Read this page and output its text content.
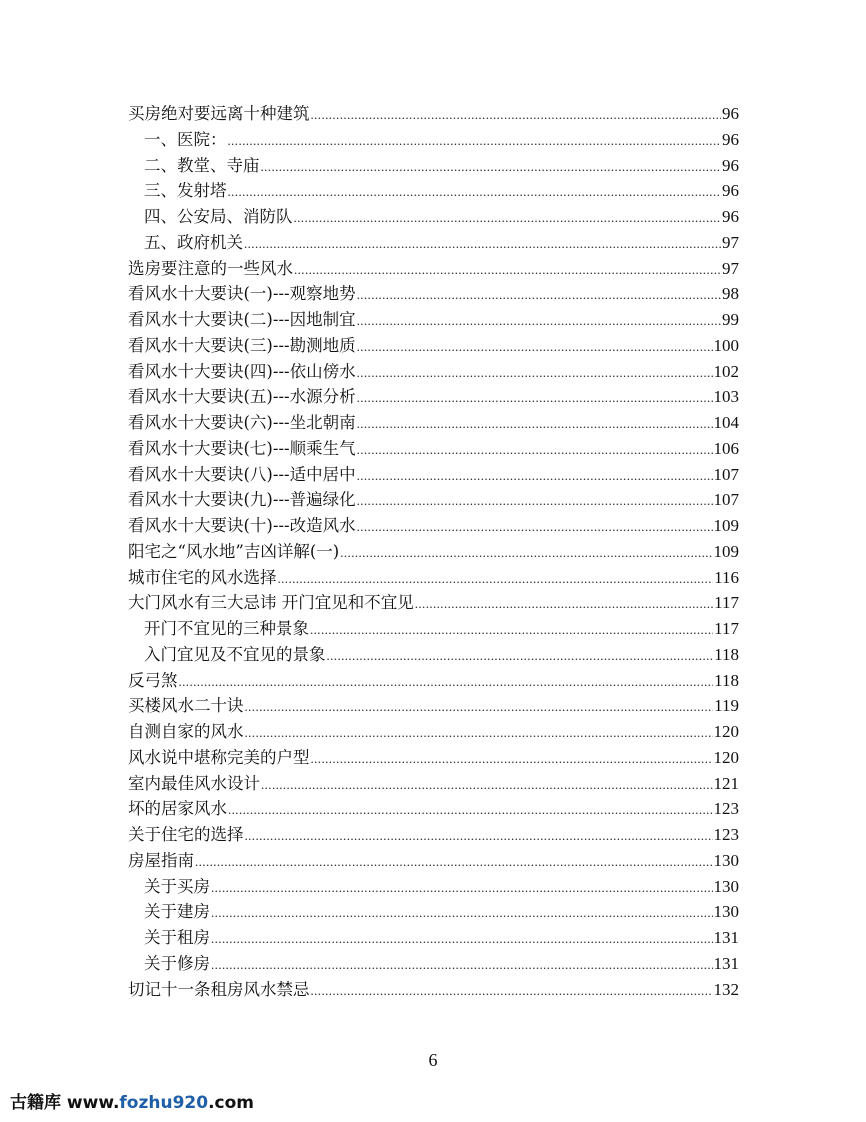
买房绝对要远离十种建筑 .....	96
一、医院： .....	96
二、教堂、寺庙 .....	96
三、发射塔 .....	96
四、公安局、消防队 .....	96
五、政府机关 .....	97
选房要注意的一些风水 .....	97
看风水十大要诀(一)---观察地势 .....	98
看风水十大要诀(二)---因地制宜 .....	99
看风水十大要诀(三)---勘测地质 .....	100
看风水十大要诀(四)---依山傍水 .....	102
看风水十大要诀(五)---水源分析 .....	103
看风水十大要诀(六)---坐北朝南 .....	104
看风水十大要诀(七)---顺乘生气 .....	106
看风水十大要诀(八)---适中居中 .....	107
看风水十大要诀(九)---普遍绿化 .....	107
看风水十大要诀(十)---改造风水 .....	109
阳宅之“风水地”吉凶详解(一) .....	109
城市住宅的风水选择 .....	116
大门风水有三大忌讳 开门宜见和不宜见 .....	117
开门不宜见的三种景象 .....	117
入门宜见及不宜见的景象 .....	118
反弓煞 .....	118
买楼风水二十诀 .....	119
自测自家的风水 .....	120
风水说中堪称完美的户型 .....	120
室内最佳风水设计 .....	121
坏的居家风水 .....	123
关于住宅的选择 .....	123
房屋指南 .....	130
关于买房 .....	130
关于建房 .....	130
关于租房 .....	131
关于修房 .....	131
切记十一条租房风水禁忌 .....	132
6
古籍库 www.fozhu920.com
